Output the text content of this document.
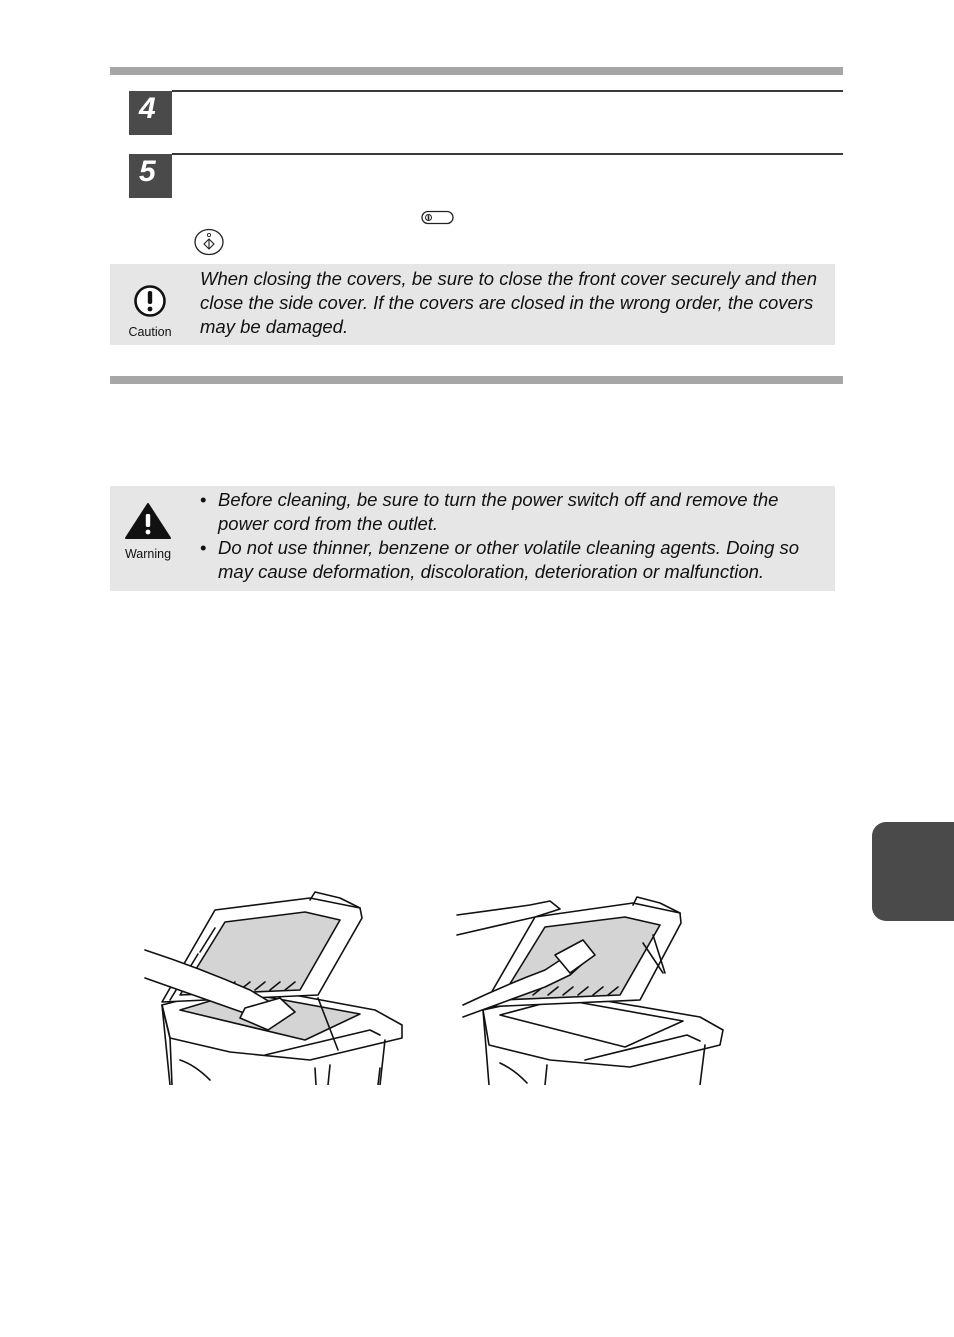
4
5
Caution
When closing the covers, be sure to close the front cover securely and then close the side cover. If the covers are closed in the wrong order, the covers may be damaged.
Warning
• Before cleaning, be sure to turn the power switch off and remove the power cord from the outlet.
• Do not use thinner, benzene or other volatile cleaning agents. Doing so may cause deformation, discoloration, deterioration or malfunction.
